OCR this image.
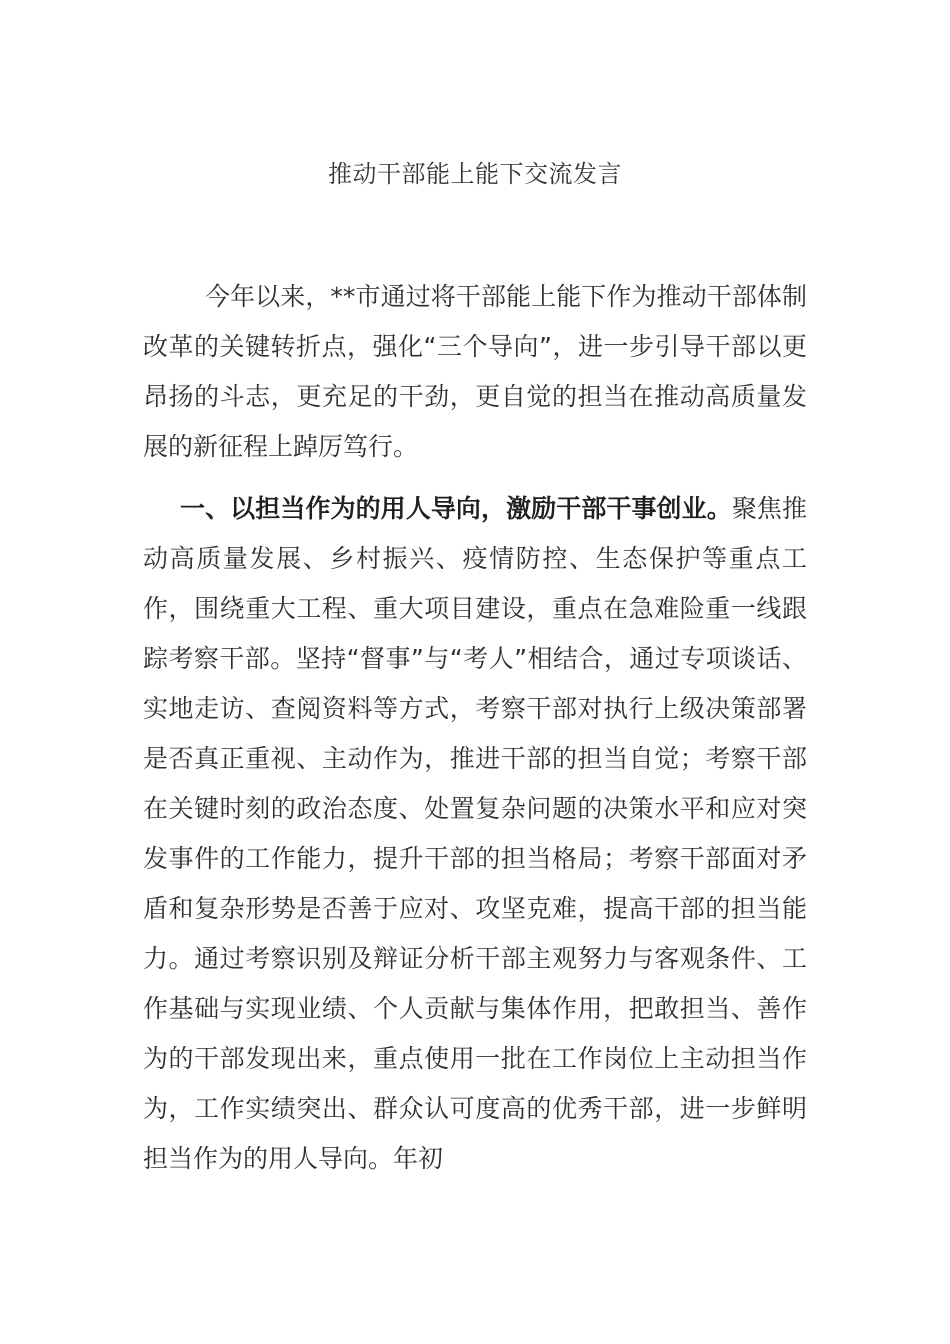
推动干部能上能下交流发言

今年以来，**市通过将干部能上能下作为推动干部体制改革的关键转折点，强化“三个导向”，进一步引导干部以更昂扬的斗志，更充足的干劲，更自觉的担当在推动高质量发展的新征程上踔厉笃行。

一、以担当作为的用人导向，激励干部干事创业。聚焦推动高质量发展、乡村振兴、疫情防控、生态保护等重点工作，围绕重大工程、重大项目建设，重点在急难险重一线跟踪考察干部。坚持“督事”与“考人”相结合，通过专项谈话、实地走访、查阅资料等方式，考察干部对执行上级决策部署是否真正重视、主动作为，推进干部的担当自觉；考察干部在关键时刻的政治态度、处置复杂问题的决策水平和应对突发事件的工作能力，提升干部的担当格局；考察干部面对矛盾和复杂形势是否善于应对、攻坚克难，提高干部的担当能力。通过考察识别及辩证分析干部主观努力与客观条件、工作基础与实现业绩、个人贡献与集体作用，把敢担当、善作为的干部发现出来，重点使用一批在工作岗位上主动担当作为，工作实绩突出、群众认可度高的优秀干部，进一步鲜明担当作为的用人导向。年初
